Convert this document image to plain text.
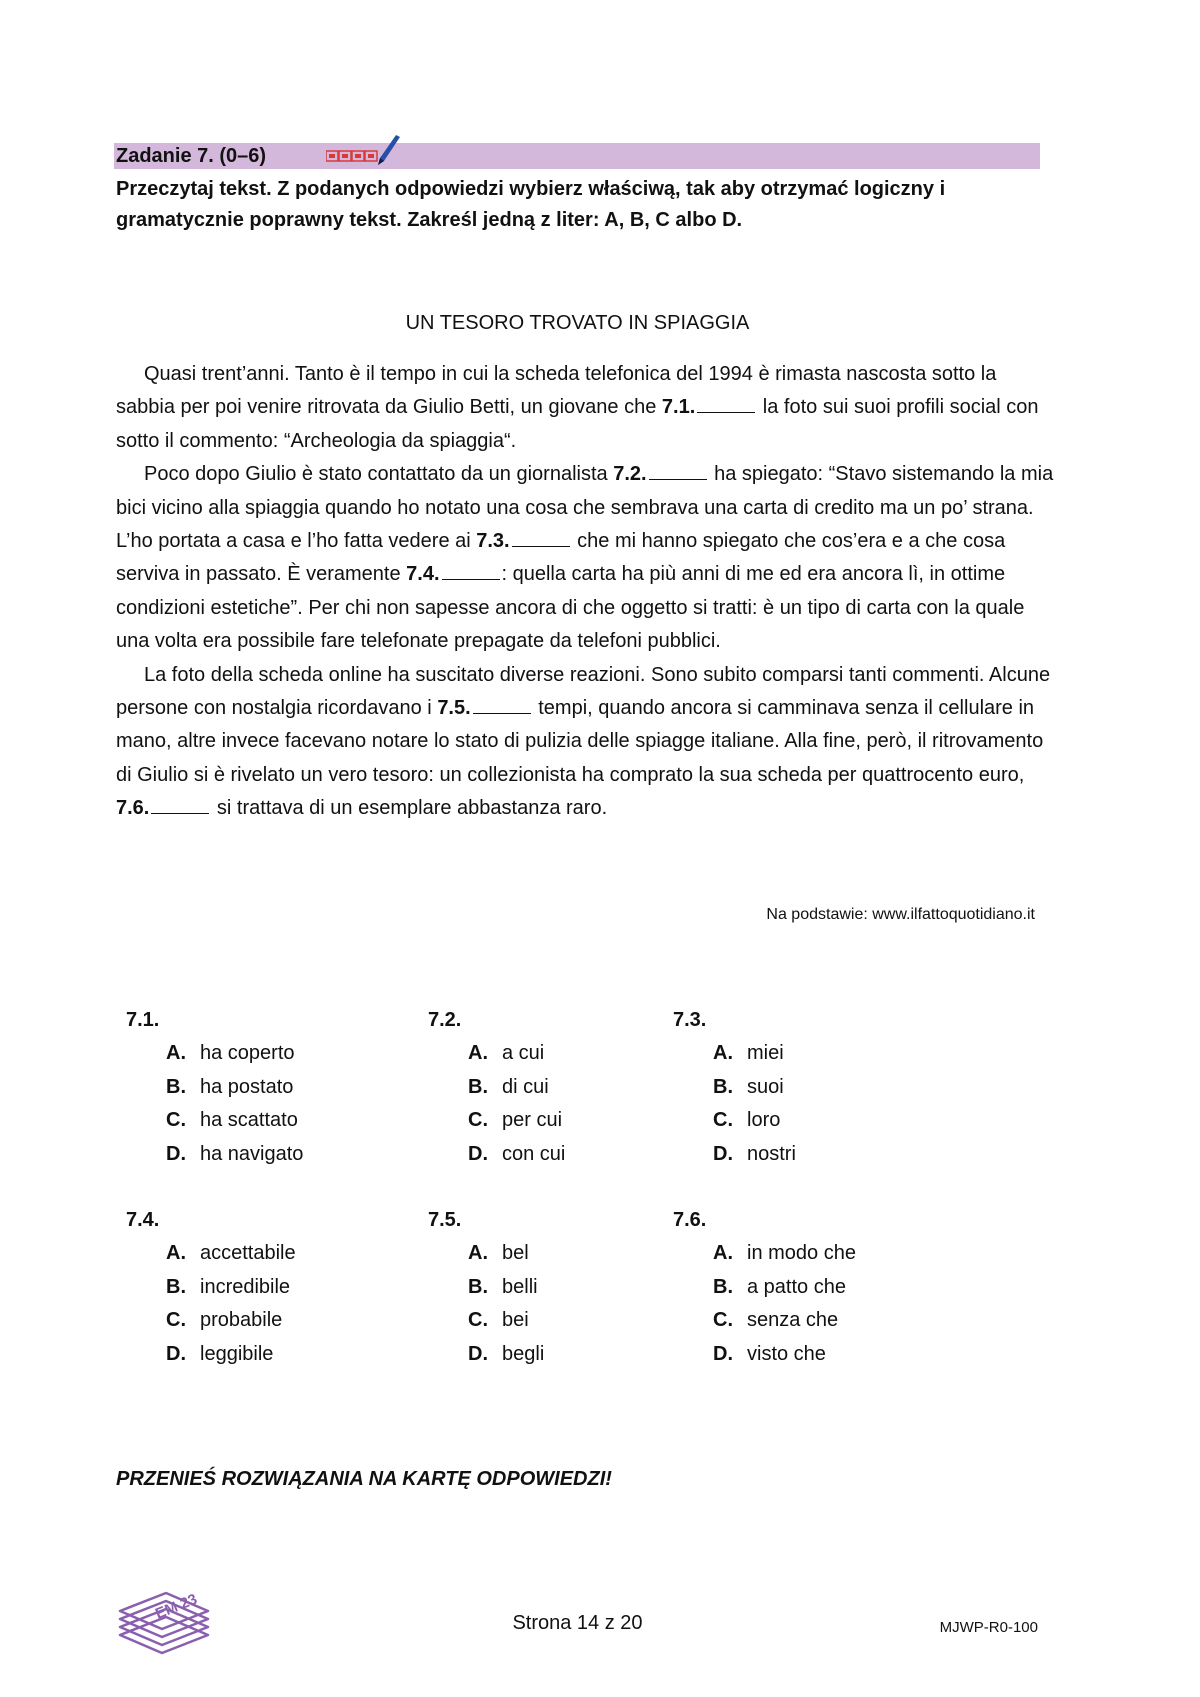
Zadanie 7. (0–6)
Przeczytaj tekst. Z podanych odpowiedzi wybierz właściwą, tak aby otrzymać logiczny i gramatycznie poprawny tekst. Zakreśl jedną z liter: A, B, C albo D.
UN TESORO TROVATO IN SPIAGGIA

Quasi trent’anni. Tanto è il tempo in cui la scheda telefonica del 1994 è rimasta nascosta sotto la sabbia per poi venire ritrovata da Giulio Betti, un giovane che 7.1.	la foto sui suoi profili social con sotto il commento: “Archeologia da spiaggia“.

Poco dopo Giulio è stato contattato da un giornalista 7.2.	ha spiegato: “Stavo sistemando la mia bici vicino alla spiaggia quando ho notato una cosa che sembrava una carta di credito ma un po’ strana. L’ho portata a casa e l’ho fatta vedere ai 7.3.	che mi hanno spiegato che cos’era e a che cosa serviva in passato. È veramente 7.4.	: quella carta ha più anni di me ed era ancora lì, in ottime condizioni estetiche”. Per chi non sapesse ancora di che oggetto si tratti: è un tipo di carta con la quale una volta era possibile fare telefonate prepagate da telefoni pubblici.

La foto della scheda online ha suscitato diverse reazioni. Sono subito comparsi tanti commenti. Alcune persone con nostalgia ricordavano i 7.5.	tempi, quando ancora si camminava senza il cellulare in mano, altre invece facevano notare lo stato di pulizia delle spiagge italiane. Alla fine, però, il ritrovamento di Giulio si è rivelato un vero tesoro: un collezionista ha comprato la sua scheda per quattrocento euro, 7.6.	si trattava di un esemplare abbastanza raro.

Na podstawie: www.ilfattoquotidiano.it
7.1.
A. ha coperto
B. ha postato
C. ha scattato
D. ha navigato
7.2.
A. a cui
B. di cui
C. per cui
D. con cui
7.3.
A. miei
B. suoi
C. loro
D. nostri
7.4.
A. accettabile
B. incredibile
C. probabile
D. leggibile
7.5.
A. bel
B. belli
C. bei
D. begli
7.6.
A. in modo che
B. a patto che
C. senza che
D. visto che
PRZENIEŚ ROZWIĄZANIA NA KARTĘ ODPOWIEDZI!
EM 23
Strona 14 z 20	MJWP-R0-100
